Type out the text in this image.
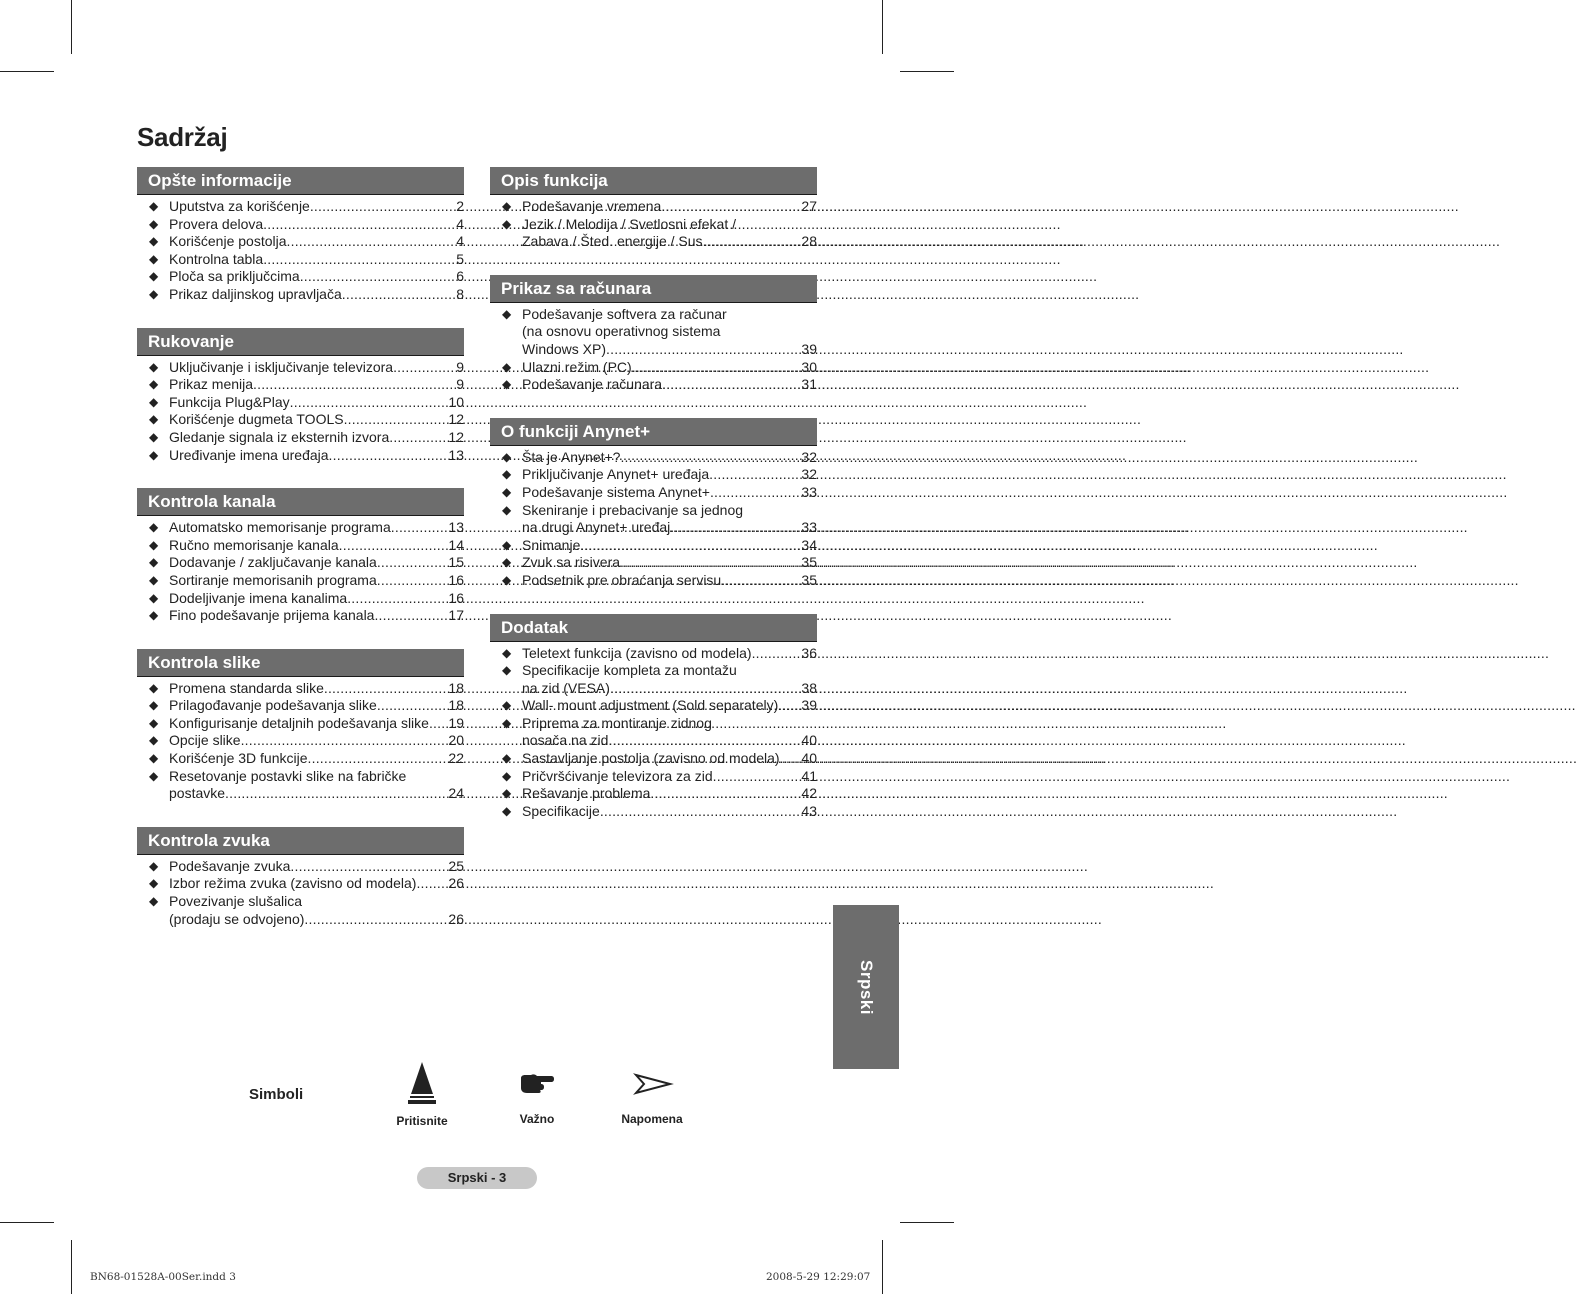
Sadržaj
Opšte informacije
◆ Uputstva za korišćenje .....	2
◆ Provera delova .....	4
◆ Korišćenje postolja .....	4
◆ Kontrolna tabla .....	5
◆ Ploča sa priključcima .....	6
◆ Prikaz daljinskog upravljača .....	8
Rukovanje
◆ Uključivanje i isključivanje televizora .....	9
◆ Prikaz menija .....	9
◆ Funkcija Plug&Play .....	10
◆ Korišćenje dugmeta TOOLS .....	12
◆ Gledanje signala iz eksternih izvora .....	12
◆ Uređivanje imena uređaja .....	13
Kontrola kanala
◆ Automatsko memorisanje programa .....	13
◆ Ručno memorisanje kanala .....	14
◆ Dodavanje / zaključavanje kanala .....	15
◆ Sortiranje memorisanih programa .....	16
◆ Dodeljivanje imena kanalima .....	16
◆ Fino podešavanje prijema kanala .....	17
Kontrola slike
◆ Promena standarda slike .....	18
◆ Prilagođavanje podešavanja slike .....	18
◆ Konfigurisanje detaljnih podešavanja slike ..... 19
◆ Opcije slike .....	20
◆ Korišćenje 3D funkcije .....	22
◆ Resetovanje postavki slike na fabričke
postavke .....	24
Kontrola zvuka
◆ Podešavanje zvuka .....	25
◆ Izbor režima zvuka (zavisno od modela) ..... 26
◆ Povezivanje slušalica
(prodaju se odvojeno) .....	26
Opis funkcija
◆ Podešavanje vremena .....	27
◆ Jezik / Melodija / Svetlosni efekat /
Zabava / Šted. energije / Sus .....	28
Prikaz sa računara
◆ Podešavanje softvera za računar
(na osnovu operativnog sistema
Windows XP) .....	39
◆ Ulazni režim (PC) .....	30
◆ Podešavanje računara .....	31
O funkciji Anynet+
◆ Šta je Anynet+? .....	32
◆ Priključivanje Anynet+ uređaja .....	32
◆ Podešavanje sistema Anynet+ .....	33
◆ Skeniranje i prebacivanje sa jednog
na drugi Anynet+ uređaj .....	33
◆ Snimanje .....	34
◆ Zvuk sa risivera .....	35
◆ Podsetnik pre obraćanja servisu .....	35
Dodatak
◆ Teletext funkcija (zavisno od modela) .....	36
◆ Specifikacije kompleta za montažu
na zid (VESA) .....	38
◆ Wall- mount adjustment (Sold separately) ..... 39
◆ Priprema za montiranje zidnog
nosača na zid .....	40
◆ Sastavljanje postolja (zavisno od modela) ..... 40
◆ Pričvršćivanje televizora za zid .....	41
◆ Rešavanje problema .....	42
◆ Specifikacije .....	43
Srpski
Simboli
Pritisnite	Važno	Napomena
Srpski - 3
BN68-01528A-00Ser.indd 3	2008-5-29 12:29:07
